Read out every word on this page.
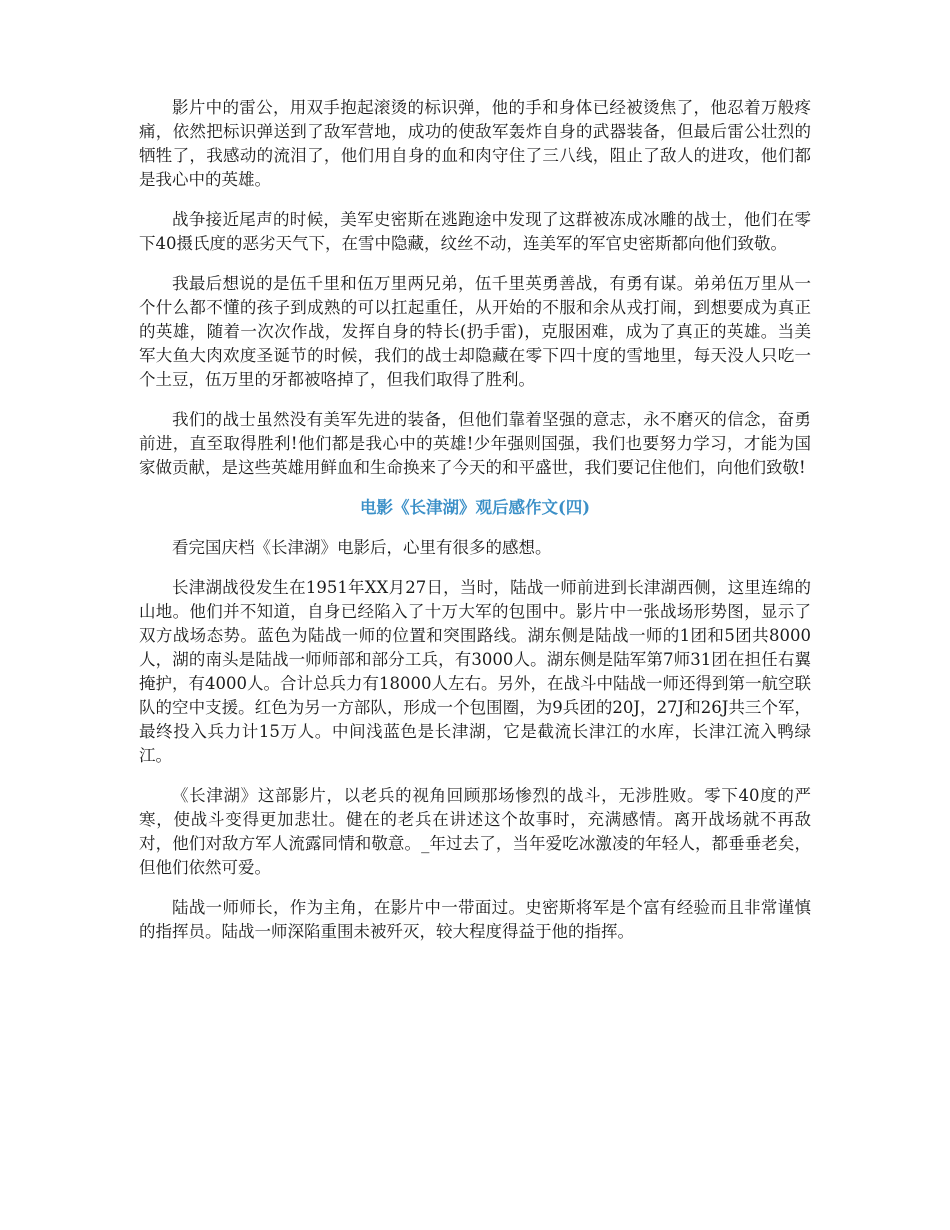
影片中的雷公，用双手抱起滚烫的标识弹，他的手和身体已经被烫焦了，他忍着万般疼痛，依然把标识弹送到了敌军营地，成功的使敌军轰炸自身的武器装备，但最后雷公壮烈的牺牲了，我感动的流泪了，他们用自身的血和肉守住了三八线，阻止了敌人的进攻，他们都是我心中的英雄。

战争接近尾声的时候，美军史密斯在逃跑途中发现了这群被冻成冰雕的战士，他们在零下40摄氏度的恶劣天气下，在雪中隐藏，纹丝不动，连美军的军官史密斯都向他们致敬。

我最后想说的是伍千里和伍万里两兄弟，伍千里英勇善战，有勇有谋。弟弟伍万里从一个什么都不懂的孩子到成熟的可以扛起重任，从开始的不服和余从戎打闹，到想要成为真正的英雄，随着一次次作战，发挥自身的特长(扔手雷)，克服困难，成为了真正的英雄。当美军大鱼大肉欢度圣诞节的时候，我们的战士却隐藏在零下四十度的雪地里，每天没人只吃一个土豆，伍万里的牙都被咯掉了，但我们取得了胜利。

我们的战士虽然没有美军先进的装备，但他们靠着坚强的意志，永不磨灭的信念，奋勇前进，直至取得胜利!他们都是我心中的英雄!少年强则国强，我们也要努力学习，才能为国家做贡献，是这些英雄用鲜血和生命换来了今天的和平盛世，我们要记住他们，向他们致敬!

电影《长津湖》观后感作文(四)

看完国庆档《长津湖》电影后，心里有很多的感想。

长津湖战役发生在1951年XX月27日，当时，陆战一师前进到长津湖西侧，这里连绵的山地。他们并不知道，自身已经陷入了十万大军的包围中。影片中一张战场形势图，显示了双方战场态势。蓝色为陆战一师的位置和突围路线。湖东侧是陆战一师的1团和5团共8000人，湖的南头是陆战一师师部和部分工兵，有3000人。湖东侧是陆军第7师31团在担任右翼掩护，有4000人。合计总兵力有18000人左右。另外，在战斗中陆战一师还得到第一航空联队的空中支援。红色为另一方部队，形成一个包围圈，为9兵团的20J，27J和26J共三个军，最终投入兵力计15万人。中间浅蓝色是长津湖，它是截流长津江的水库，长津江流入鸭绿江。

《长津湖》这部影片，以老兵的视角回顾那场惨烈的战斗，无涉胜败。零下40度的严寒，使战斗变得更加悲壮。健在的老兵在讲述这个故事时，充满感情。离开战场就不再敌对，他们对敌方军人流露同情和敬意。_年过去了，当年爱吃冰激凌的年轻人，都垂垂老矣，但他们依然可爱。

陆战一师师长，作为主角，在影片中一带面过。史密斯将军是个富有经验而且非常谨慎的指挥员。陆战一师深陷重围未被歼灭，较大程度得益于他的指挥。
